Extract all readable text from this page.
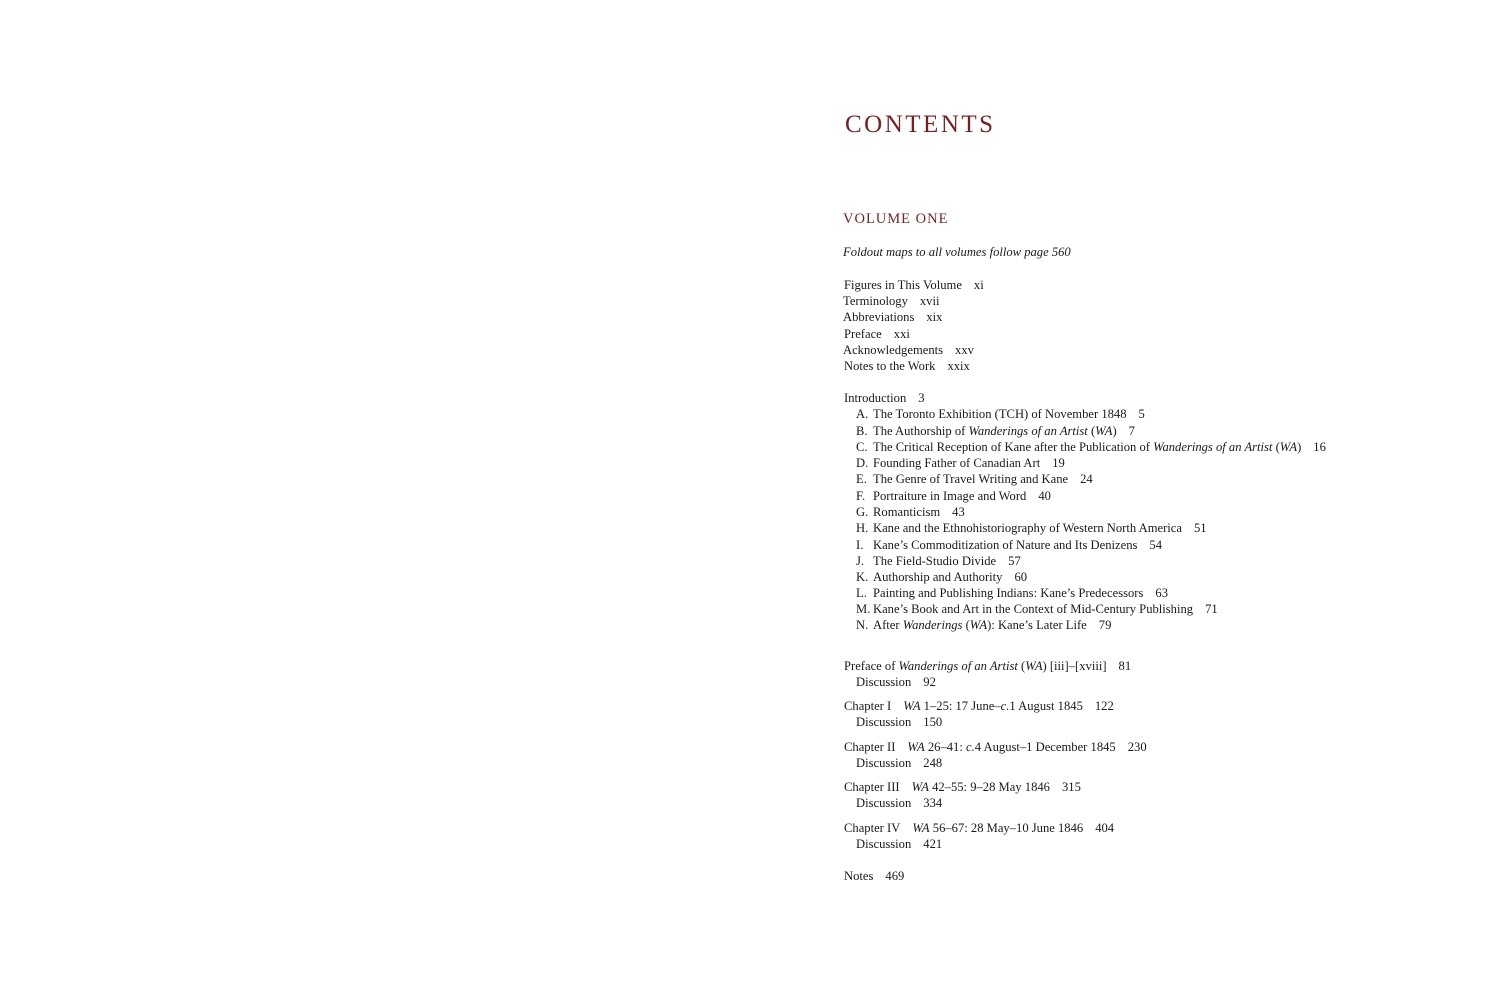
CONTENTS
VOLUME ONE
Foldout maps to all volumes follow page 560
Figures in This Volume xi
Terminology xvii
Abbreviations xix
Preface xxi
Acknowledgements xxv
Notes to the Work xxix
Introduction 3
A. The Toronto Exhibition (TCH) of November 1848 5
B. The Authorship of Wanderings of an Artist (WA) 7
C. The Critical Reception of Kane after the Publication of Wanderings of an Artist (WA) 16
D. Founding Father of Canadian Art 19
E. The Genre of Travel Writing and Kane 24
F. Portraiture in Image and Word 40
G. Romanticism 43
H. Kane and the Ethnohistoriography of Western North America 51
I. Kane’s Commoditization of Nature and Its Denizens 54
J. The Field-Studio Divide 57
K. Authorship and Authority 60
L. Painting and Publishing Indians: Kane’s Predecessors 63
M. Kane’s Book and Art in the Context of Mid-Century Publishing 71
N. After Wanderings (WA): Kane’s Later Life 79
Preface of Wanderings of an Artist (WA) [iii]–[xviii] 81
Discussion 92
Chapter I WA 1–25: 17 June–c.1 August 1845 122
Discussion 150
Chapter II WA 26–41: c.4 August–1 December 1845 230
Discussion 248
Chapter III WA 42–55: 9–28 May 1846 315
Discussion 334
Chapter IV WA 56–67: 28 May–10 June 1846 404
Discussion 421
Notes 469
